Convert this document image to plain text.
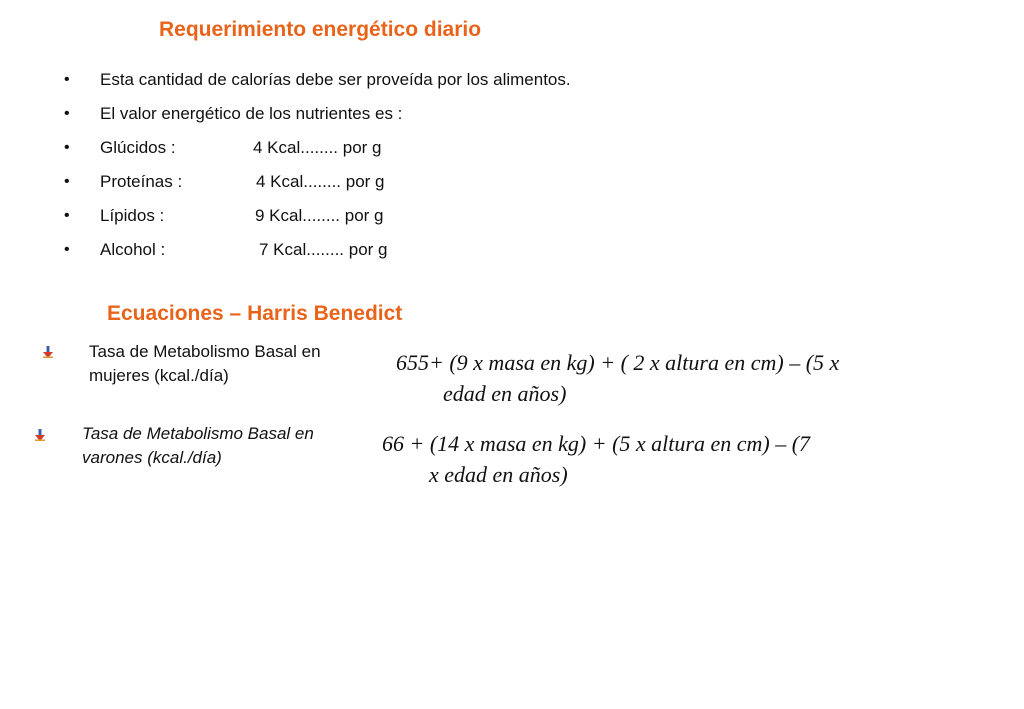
Requerimiento energético diario
• Esta cantidad de calorías debe ser proveída por los alimentos.
• El valor energético de los nutrientes es :
• Glúcidos :	4 Kcal........ por g
• Proteínas :	4 Kcal........ por g
• Lípidos :	9 Kcal........ por g
• Alcohol :	7 Kcal........ por g
Ecuaciones – Harris Benedict
Tasa de Metabolismo Basal en
mujeres (kcal./día)
655+ (9 x masa en kg) + ( 2 x altura en cm) – (5 x
edad en años)
Tasa de Metabolismo Basal en
varones (kcal./día)
66 + (14 x masa en kg) + (5 x altura en cm) – (7
x edad en años)
